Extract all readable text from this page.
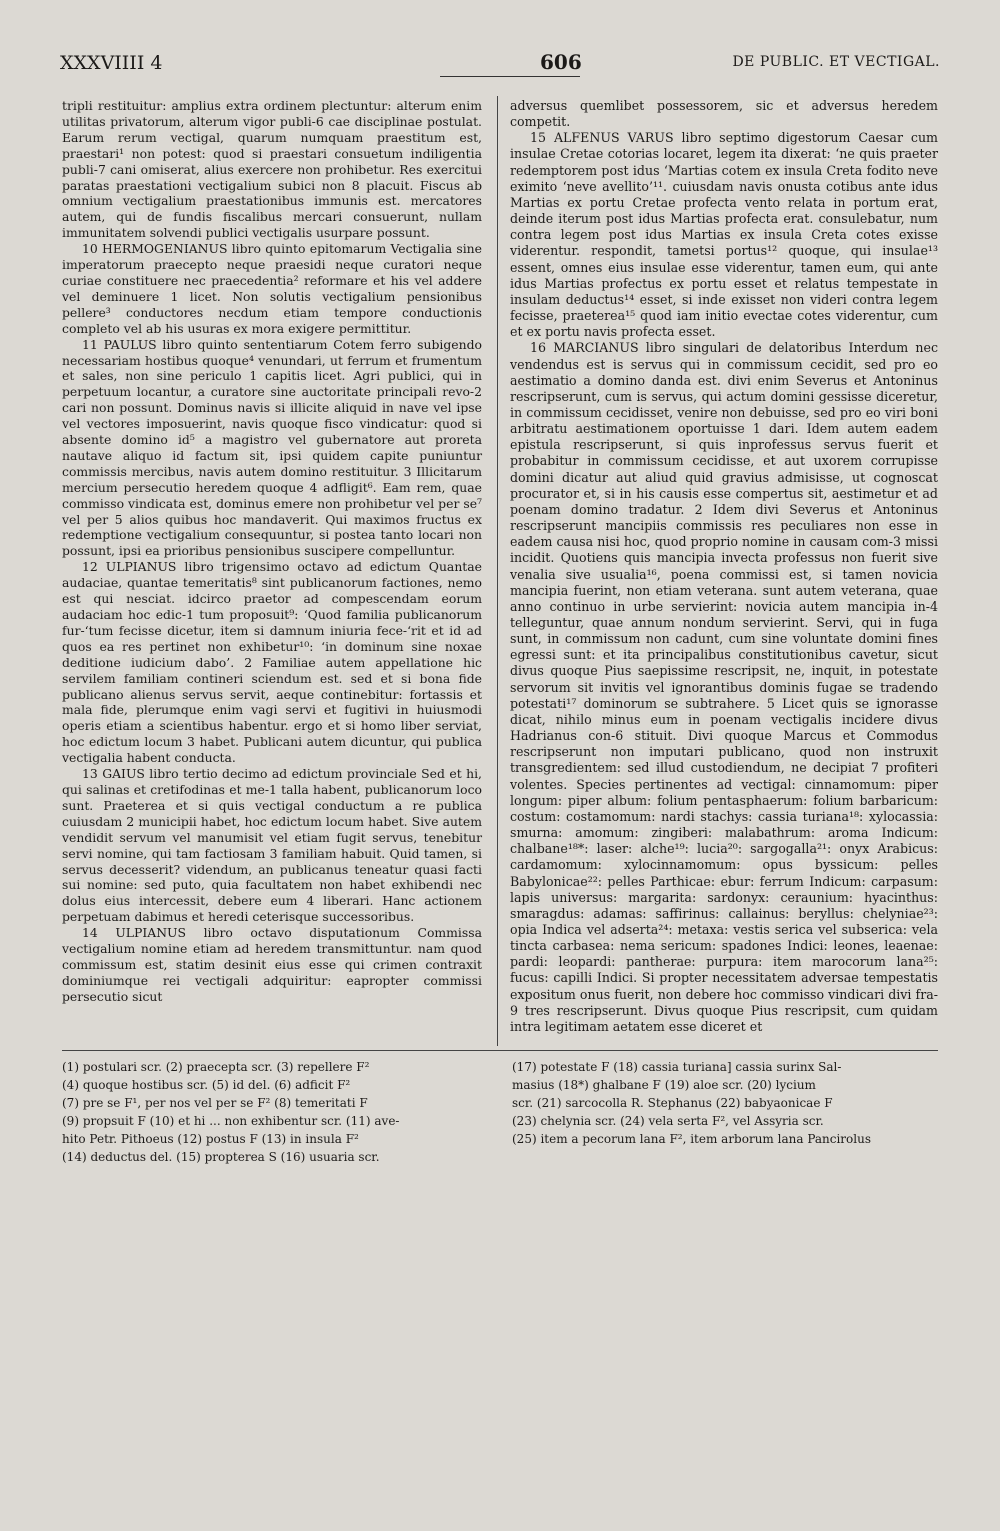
XXXVIIII 4	606	DE PUBLIC. ET VECTIGAL.

tripli restituitur: amplius extra ordinem plectuntur: alterum enim utilitas privatorum, alterum vigor publi-6 cae disciplinae postulat. Earum rerum vectigal, quarum numquam praestitum est, praestari¹ non potest: quod si praestari consuetum indiligentia publi-7 cani omiserat, alius exercere non prohibetur. Res exercitui paratas praestationi vectigalium subici non 8 placuit. Fiscus ab omnium vectigalium praestationibus immunis est. mercatores autem, qui de fundis fiscalibus mercari consuerunt, nullam immunitatem solvendi publici vectigalis usurpare possunt.

10 HERMOGENIANUS libro quinto epitomarum Vectigalia sine imperatorum praecepto neque praesidi neque curatori neque curiae constituere nec praecedentia² reformare et his vel addere vel deminuere 1 licet. Non solutis vectigalium pensionibus pellere³ conductores necdum etiam tempore conductionis completo vel ab his usuras ex mora exigere permittitur.

11 PAULUS libro quinto sententiarum Cotem ferro subigendo necessariam hostibus quoque⁴ venundari, ut ferrum et frumentum et sales, non sine periculo 1 capitis licet. Agri publici, qui in perpetuum locantur, a curatore sine auctoritate principali revo-2 cari non possunt. Dominus navis si illicite aliquid in nave vel ipse vel vectores imposuerint, navis quoque fisco vindicatur: quod si absente domino id⁵ a magistro vel gubernatore aut proreta nautave aliquo id factum sit, ipsi quidem capite puniuntur commissis mercibus, navis autem domino restituitur. 3 Illicitarum mercium persecutio heredem quoque 4 adfligit⁶. Eam rem, quae commisso vindicata est, dominus emere non prohibetur vel per se⁷ vel per 5 alios quibus hoc mandaverit. Qui maximos fructus ex redemptione vectigalium consequuntur, si postea tanto locari non possunt, ipsi ea prioribus pensionibus suscipere compelluntur.

12 ULPIANUS libro trigensimo octavo ad edictum Quantae audaciae, quantae temeritatis⁸ sint publicanorum factiones, nemo est qui nesciat. idcirco praetor ad compescendam eorum audaciam hoc edic-1 tum proposuit⁹: ‘Quod familia publicanorum fur-‘tum fecisse dicetur, item si damnum iniuria fece-‘rit et id ad quos ea res pertinet non exhibetur¹⁰: ‘in dominum sine noxae deditione iudicium dabo’. 2 Familiae autem appellatione hic servilem familiam contineri sciendum est. sed et si bona fide publicano alienus servus servit, aeque continebitur: fortassis et mala fide, plerumque enim vagi servi et fugitivi in huiusmodi operis etiam a scientibus habentur. ergo et si homo liber serviat, hoc edictum locum 3 habet. Publicani autem dicuntur, qui publica vectigalia habent conducta.

13 GAIUS libro tertio decimo ad edictum provinciale Sed et hi, qui salinas et cretifodinas et me-1 talla habent, publicanorum loco sunt. Praeterea et si quis vectigal conductum a re publica cuiusdam 2 municipii habet, hoc edictum locum habet. Sive autem vendidit servum vel manumisit vel etiam fugit servus, tenebitur servi nomine, qui tam factiosam 3 familiam habuit. Quid tamen, si servus decesserit? videndum, an publicanus teneatur quasi facti sui nomine: sed puto, quia facultatem non habet exhibendi nec dolus eius intercessit, debere eum 4 liberari. Hanc actionem perpetuam dabimus et heredi ceterisque successoribus.

14 ULPIANUS libro octavo disputationum Commissa vectigalium nomine etiam ad heredem transmittuntur. nam quod commissum est, statim desinit eius esse qui crimen contraxit dominiumque rei vectigali adquiritur: eapropter commissi persecutio sicut

adversus quemlibet possessorem, sic et adversus heredem competit.

15 ALFENUS VARUS libro septimo digestorum Caesar cum insulae Cretae cotorias locaret, legem ita dixerat: ‘ne quis praeter redemptorem post idus ‘Martias cotem ex insula Creta fodito neve eximito ‘neve avellito’¹¹. cuiusdam navis onusta cotibus ante idus Martias ex portu Cretae profecta vento relata in portum erat, deinde iterum post idus Martias profecta erat. consulebatur, num contra legem post idus Martias ex insula Creta cotes exisse viderentur. respondit, tametsi portus¹² quoque, qui insulae¹³ essent, omnes eius insulae esse viderentur, tamen eum, qui ante idus Martias profectus ex portu esset et relatus tempestate in insulam deductus¹⁴ esset, si inde exisset non videri contra legem fecisse, praeterea¹⁵ quod iam initio evectae cotes viderentur, cum et ex portu navis profecta esset.

16 MARCIANUS libro singulari de delatoribus Interdum nec vendendus est is servus qui in commissum cecidit, sed pro eo aestimatio a domino danda est. divi enim Severus et Antoninus rescripserunt, cum is servus, qui actum domini gessisse diceretur, in commissum cecidisset, venire non debuisse, sed pro eo viri boni arbitratu aestimationem oportuisse 1 dari. Idem autem eadem epistula rescripserunt, si quis inprofessus servus fuerit et probabitur in commissum cecidisse, et aut uxorem corrupisse domini dicatur aut aliud quid gravius admisisse, ut cognoscat procurator et, si in his causis esse compertus sit, aestimetur et ad poenam domino tradatur. 2 Idem divi Severus et Antoninus rescripserunt mancipiis commissis res peculiares non esse in eadem causa nisi hoc, quod proprio nomine in causam com-3 missi incidit. Quotiens quis mancipia invecta professus non fuerit sive venalia sive usualia¹⁶, poena commissi est, si tamen novicia mancipia fuerint, non etiam veterana. sunt autem veterana, quae anno continuo in urbe servierint: novicia autem mancipia in-4 telleguntur, quae annum nondum servierint. Servi, qui in fuga sunt, in commissum non cadunt, cum sine voluntate domini fines egressi sunt: et ita principalibus constitutionibus cavetur, sicut divus quoque Pius saepissime rescripsit, ne, inquit, in potestate servorum sit invitis vel ignorantibus dominis fugae se tradendo potestati¹⁷ dominorum se subtrahere. 5 Licet quis se ignorasse dicat, nihilo minus eum in poenam vectigalis incidere divus Hadrianus con-6 stituit. Divi quoque Marcus et Commodus rescripserunt non imputari publicano, quod non instruxit transgredientem: sed illud custodiendum, ne decipiat 7 profiteri volentes. Species pertinentes ad vectigal: cinnamomum: piper longum: piper album: folium pentasphaerum: folium barbaricum: costum: costamomum: nardi stachys: cassia turiana¹⁸: xylocassia: smurna: amomum: zingiberi: malabathrum: aroma Indicum: chalbane¹⁸*: laser: alche¹⁹: lucia²⁰: sargogalla²¹: onyx Arabicus: cardamomum: xylocinnamomum: opus byssicum: pelles Babylonicae²²: pelles Parthicae: ebur: ferrum Indicum: carpasum: lapis universus: margarita: sardonyx: ceraunium: hyacinthus: smaragdus: adamas: saffirinus: callainus: beryllus: chelyniae²³: opia Indica vel adserta²⁴: metaxa: vestis serica vel subserica: vela tincta carbasea: nema sericum: spadones Indici: leones, leaenae: pardi: leopardi: pantherae: purpura: item marocorum lana²⁵: fucus: capilli Indici. Si propter necessitatem adversae tempestatis expositum onus fuerit, non debere hoc commisso vindicari divi fra-9 tres rescripserunt. Divus quoque Pius rescripsit, cum quidam intra legitimam aetatem esse diceret et

(1) postulari scr. (2) praecepta scr. (3) repellere F²
(4) quoque hostibus scr. (5) id del. (6) adficit F²
(7) pre se F¹, per nos vel per se F² (8) temeritati F
(9) propsuit F (10) et hi ... non exhibentur scr. (11) ave-
hito Petr. Pithoeus (12) postus F (13) in insula F²
(14) deductus del. (15) propterea S (16) usuaria scr.
(17) potestate F (18) cassia turiana] cassia surinx Sal-
masius (18*) ghalbane F (19) aloe scr. (20) lycium
scr. (21) sarcocolla R. Stephanus (22) babyaonicae F
(23) chelynia scr. (24) vela serta F², vel Assyria scr.
(25) item a pecorum lana F², item arborum lana Pancirolus
